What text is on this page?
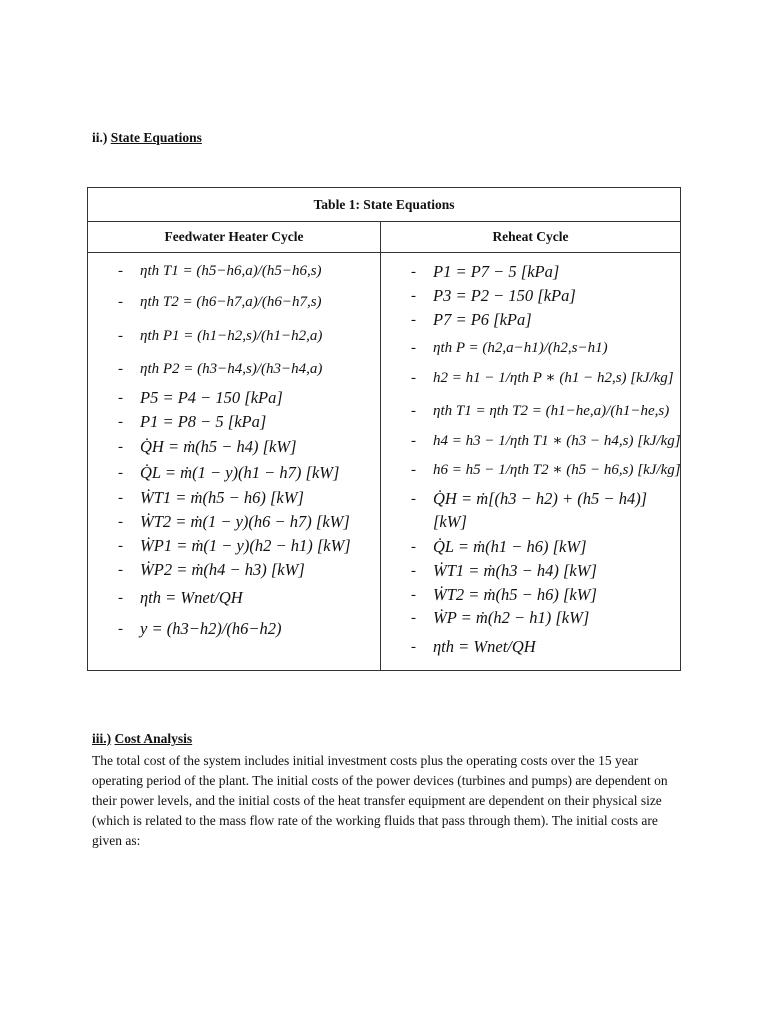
ii.) State Equations
Table 1: State Equations
Feedwater Heater Cycle	Reheat Cycle
- ηth T1 = (h5−h6,a)/(h5−h6,s)
- ηth T2 = (h6−h7,a)/(h6−h7,s)
- ηth P1 = (h1−h2,s)/(h1−h2,a)
- ηth P2 = (h3−h4,s)/(h3−h4,a)
- P5 = P4 − 150 [kPa]
- P1 = P8 − 5 [kPa]
- Q̇H = ṁ(h5 − h4) [kW]
- Q̇L = ṁ(1 − y)(h1 − h7) [kW]
- ẆT1 = ṁ(h5 − h6) [kW]
- ẆT2 = ṁ(1 − y)(h6 − h7) [kW]
- ẆP1 = ṁ(1 − y)(h2 − h1) [kW]
- ẆP2 = ṁ(h4 − h3) [kW]
- ηth = Wnet/QH
- y = (h3−h2)/(h6−h2)
- P1 = P7 − 5 [kPa]
- P3 = P2 − 150 [kPa]
- P7 = P6 [kPa]
- ηth P = (h2,a−h1)/(h2,s−h1)
- h2 = h1 − 1/ηth P ∗ (h1 − h2,s) [kJ/kg]
- ηth T1 = ηth T2 = (h1−he,a)/(h1−he,s)
- h4 = h3 − 1/ηth T1 ∗ (h3 − h4,s) [kJ/kg]
- h6 = h5 − 1/ηth T2 ∗ (h5 − h6,s) [kJ/kg]
- Q̇H = ṁ[(h3 − h2) + (h5 − h4)]
[kW]
- Q̇L = ṁ(h1 − h6) [kW]
- ẆT1 = ṁ(h3 − h4) [kW]
- ẆT2 = ṁ(h5 − h6) [kW]
- ẆP = ṁ(h2 − h1) [kW]
- ηth = Wnet/QH
iii.) Cost Analysis

The total cost of the system includes initial investment costs plus the operating costs over the 15 year operating period of the plant. The initial costs of the power devices (turbines and pumps) are dependent on their power levels, and the initial costs of the heat transfer equipment are dependent on their physical size (which is related to the mass flow rate of the working fluids that pass through them). The initial costs are given as:
